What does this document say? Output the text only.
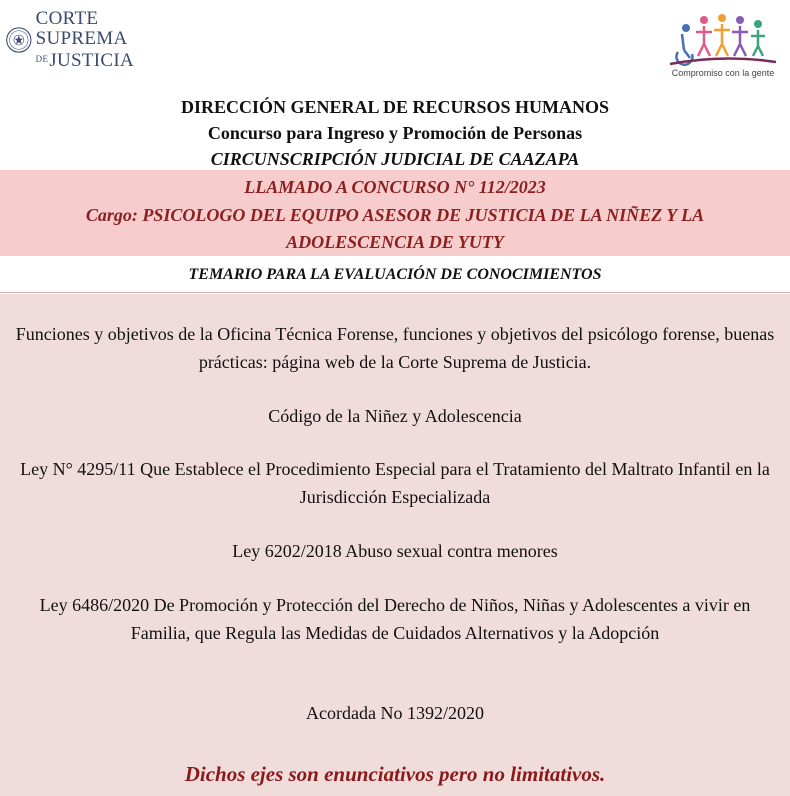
CORTE
SUPREMA
$^{DE}$JUSTICIA
Compromiso con la gente
DIRECCIÓN GENERAL DE RECURSOS HUMANOS
Concurso para Ingreso y Promoción de Personas
CIRCUNSCRIPCIÓN JUDICIAL DE CAAZAPA
LLAMADO A CONCURSO N° 112/2023
Cargo: PSICOLOGO DEL EQUIPO ASESOR DE JUSTICIA DE LA NIÑEZ Y LA
ADOLESCENCIA DE YUTY
TEMARIO PARA LA EVALUACIÓN DE CONOCIMIENTOS
Funciones y objetivos de la Oficina Técnica Forense, funciones y objetivos del psicólogo forense, buenas prácticas: página web de la Corte Suprema de Justicia.
Código de la Niñez y Adolescencia
Ley N° 4295/11 Que Establece el Procedimiento Especial para el Tratamiento del Maltrato Infantil en la Jurisdicción Especializada
Ley 6202/2018 Abuso sexual contra menores
Ley 6486/2020 De Promoción y Protección del Derecho de Niños, Niñas y Adolescentes a vivir en Familia, que Regula las Medidas de Cuidados Alternativos y la Adopción
Acordada No 1392/2020
Dichos ejes son enunciativos pero no limitativos.
